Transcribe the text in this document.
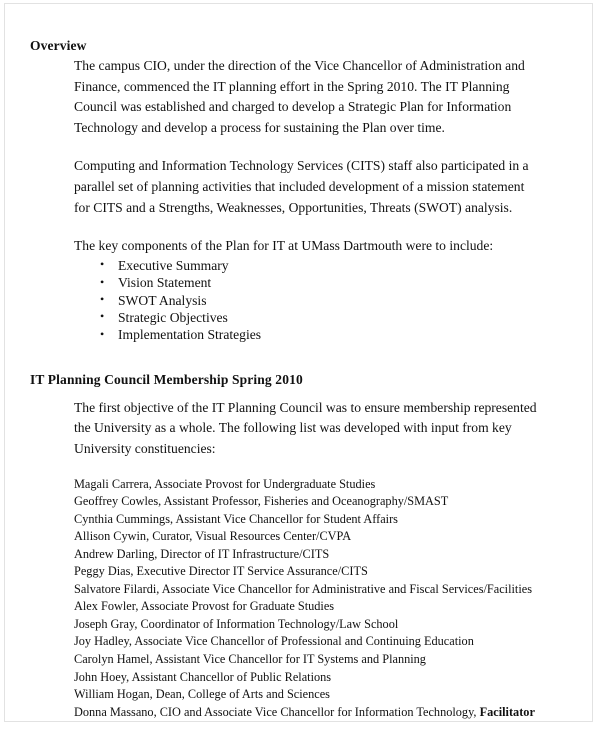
Overview

The campus CIO, under the direction of the Vice Chancellor of Administration and Finance, commenced the IT planning effort in the Spring 2010. The IT Planning Council was established and charged to develop a Strategic Plan for Information Technology and develop a process for sustaining the Plan over time.

Computing and Information Technology Services (CITS) staff also participated in a parallel set of planning activities that included development of a mission statement for CITS and a Strengths, Weaknesses, Opportunities, Threats (SWOT) analysis.

The key components of the Plan for IT at UMass Dartmouth were to include:

• Executive Summary
• Vision Statement
• SWOT Analysis
• Strategic Objectives
• Implementation Strategies
IT Planning Council Membership Spring 2010

The first objective of the IT Planning Council was to ensure membership represented the University as a whole. The following list was developed with input from key University constituencies:

Magali Carrera, Associate Provost for Undergraduate Studies
Geoffrey Cowles, Assistant Professor, Fisheries and Oceanography/SMAST
Cynthia Cummings, Assistant Vice Chancellor for Student Affairs
Allison Cywin, Curator, Visual Resources Center/CVPA
Andrew Darling, Director of IT Infrastructure/CITS
Peggy Dias, Executive Director IT Service Assurance/CITS
Salvatore Filardi, Associate Vice Chancellor for Administrative and Fiscal Services/Facilities
Alex Fowler, Associate Provost for Graduate Studies
Joseph Gray, Coordinator of Information Technology/Law School
Joy Hadley, Associate Vice Chancellor of Professional and Continuing Education
Carolyn Hamel, Assistant Vice Chancellor for IT Systems and Planning
John Hoey, Assistant Chancellor of Public Relations
William Hogan, Dean, College of Arts and Sciences
Donna Massano, CIO and Associate Vice Chancellor for Information Technology, Facilitator
